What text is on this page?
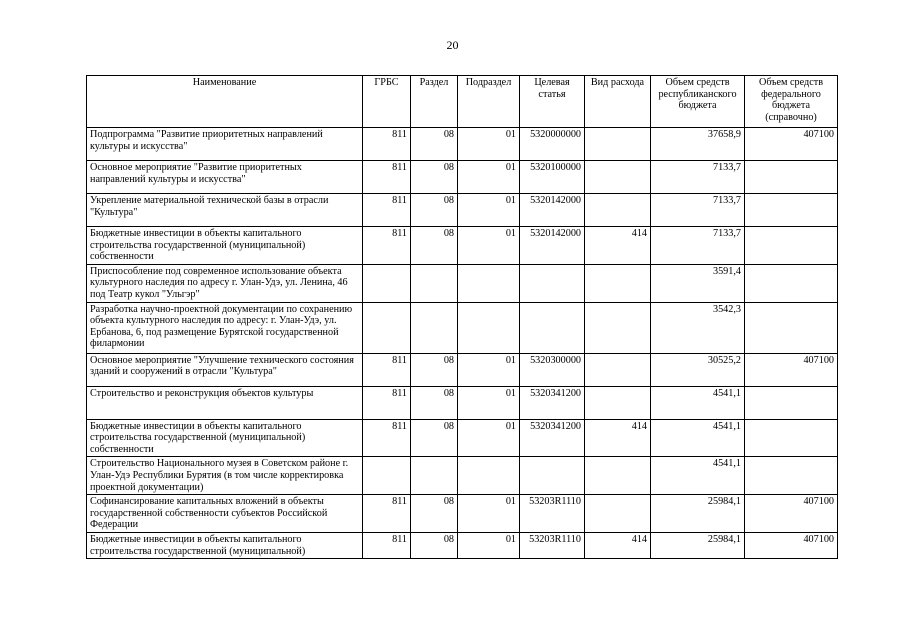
20
Наименование	ГРБС	Раздел	Подраздел	Целевая статья	Вид расхода	Объем средств республиканского бюджета	Объем средств федерального бюджета (справочно)
Подпрограмма "Развитие приоритетных направлений культуры и искусства"	811	08	01	5320000000		37658,9	407100
Основное мероприятие "Развитие приоритетных направлений культуры и искусства"	811	08	01	5320100000		7133,7	
Укрепление материальной технической базы в отрасли "Культура"	811	08	01	5320142000		7133,7	
Бюджетные инвестиции в объекты капитального строительства государственной (муниципальной) собственности	811	08	01	5320142000	414	7133,7	
Приспособление под современное использование объекта культурного наследия по адресу г. Улан-Удэ, ул. Ленина, 46 под Театр кукол "Ульгэр"						3591,4	
Разработка научно-проектной документации по сохранению объекта культурного наследия по адресу: г. Улан-Удэ, ул. Ербанова, 6, под размещение Бурятской государственной филармонии						3542,3	
Основное мероприятие "Улучшение технического состояния зданий и сооружений в отрасли "Культура"	811	08	01	5320300000		30525,2	407100
Строительство и реконструкция объектов культуры	811	08	01	5320341200		4541,1	
Бюджетные инвестиции в объекты капитального строительства государственной (муниципальной) собственности	811	08	01	5320341200	414	4541,1	
Строительство Национального музея в Советском районе г. Улан-Удэ Республики Бурятия (в том числе корректировка проектной документации)						4541,1	
Софинансирование капитальных вложений в объекты государственной собственности субъектов Российской Федерации	811	08	01	53203R1110		25984,1	407100
Бюджетные инвестиции в объекты капитального строительства государственной (муниципальной)	811	08	01	53203R1110	414	25984,1	407100
